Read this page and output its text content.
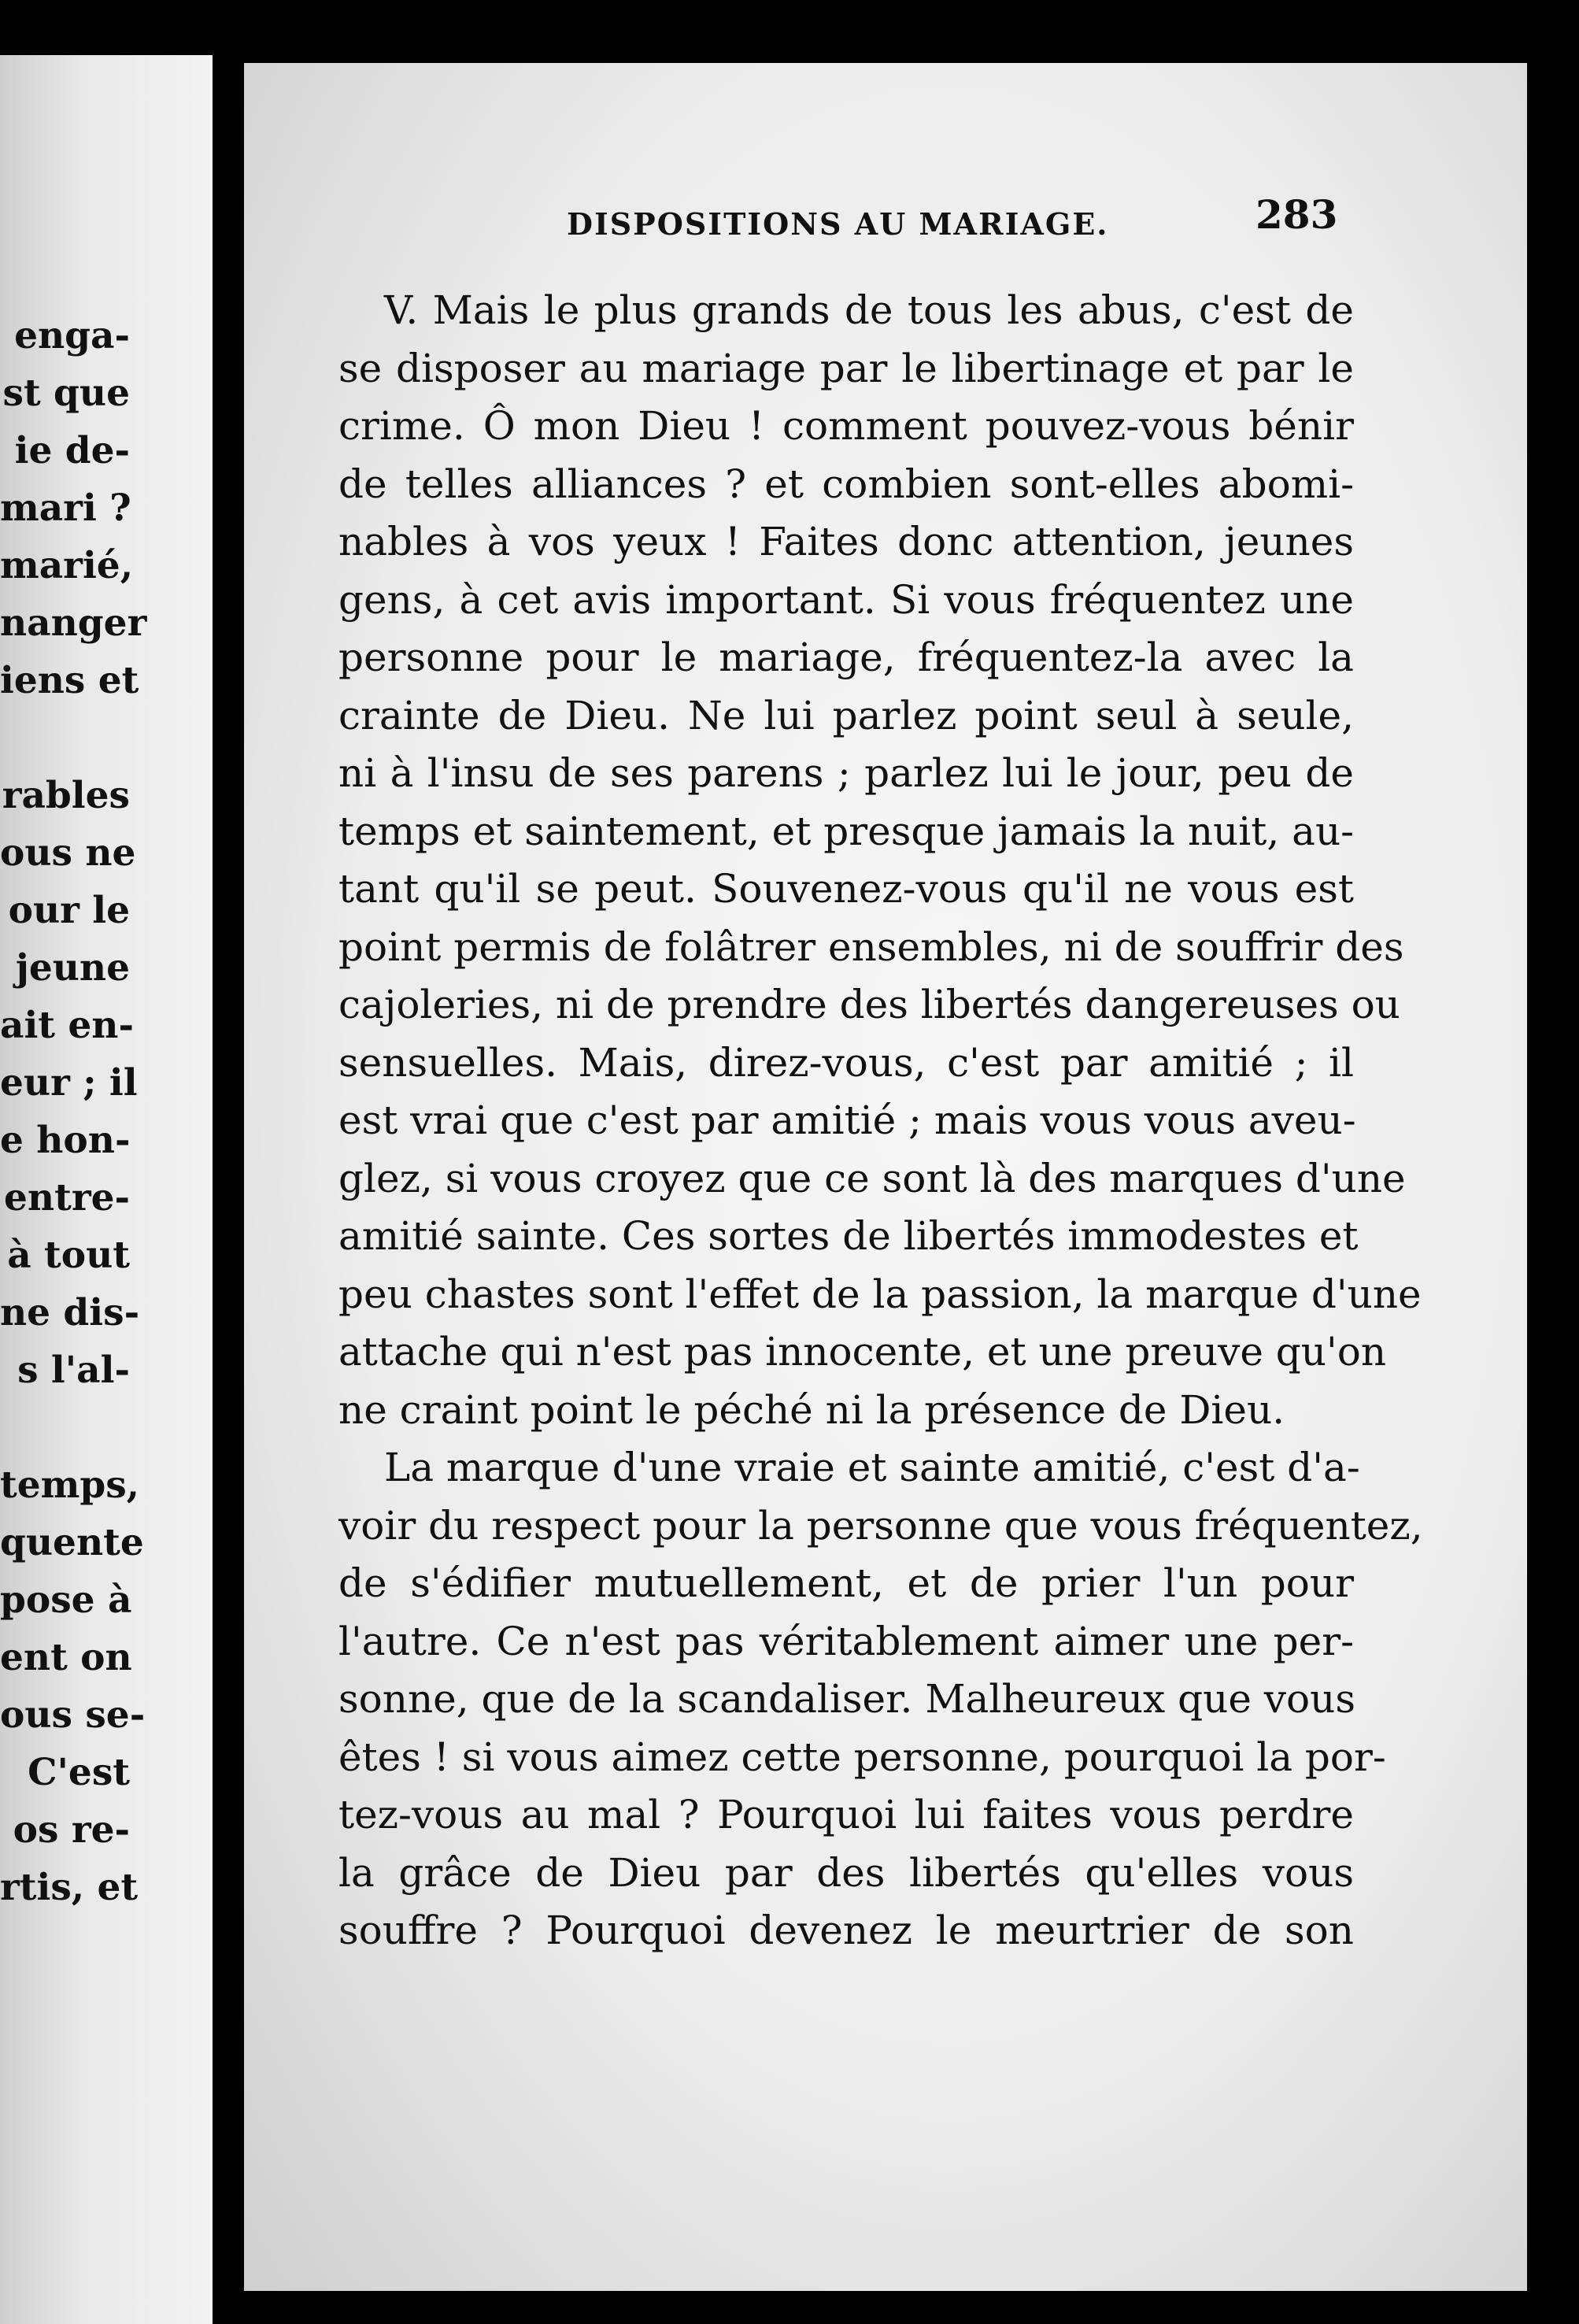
enga-
st que
ie de-
mari ?
marié,
nanger
iens et
rables
ous ne
our le
jeune
ait en-
eur ; il
e hon-
entre-
à tout
ne dis-
s l'al-
temps,
quente
pose à
ent on
ous se-
C'est
os re-
rtis, et
DISPOSITIONS AU MARIAGE.	283
V. Mais le plus grands de tous les abus, c'est de
se disposer au mariage par le libertinage et par le
crime. Ô mon Dieu ! comment pouvez-vous bénir
de telles alliances ? et combien sont-elles abomi-
nables à vos yeux ! Faites donc attention, jeunes
gens, à cet avis important. Si vous fréquentez une
personne pour le mariage, fréquentez-la avec la
crainte de Dieu. Ne lui parlez point seul à seule,
ni à l'insu de ses parens ; parlez lui le jour, peu de
temps et saintement, et presque jamais la nuit, au-
tant qu'il se peut. Souvenez-vous qu'il ne vous est
point permis de folâtrer ensembles, ni de souffrir des
cajoleries, ni de prendre des libertés dangereuses ou
sensuelles. Mais, direz-vous, c'est par amitié ; il
est vrai que c'est par amitié ; mais vous vous aveu-
glez, si vous croyez que ce sont là des marques d'une
amitié sainte. Ces sortes de libertés immodestes et
peu chastes sont l'effet de la passion, la marque d'une
attache qui n'est pas innocente, et une preuve qu'on
ne craint point le péché ni la présence de Dieu.
La marque d'une vraie et sainte amitié, c'est d'a-
voir du respect pour la personne que vous fréquentez,
de s'édifier mutuellement, et de prier l'un pour
l'autre. Ce n'est pas véritablement aimer une per-
sonne, que de la scandaliser. Malheureux que vous
êtes ! si vous aimez cette personne, pourquoi la por-
tez-vous au mal ? Pourquoi lui faites vous perdre
la grâce de Dieu par des libertés qu'elles vous
souffre ? Pourquoi devenez le meurtrier de son
